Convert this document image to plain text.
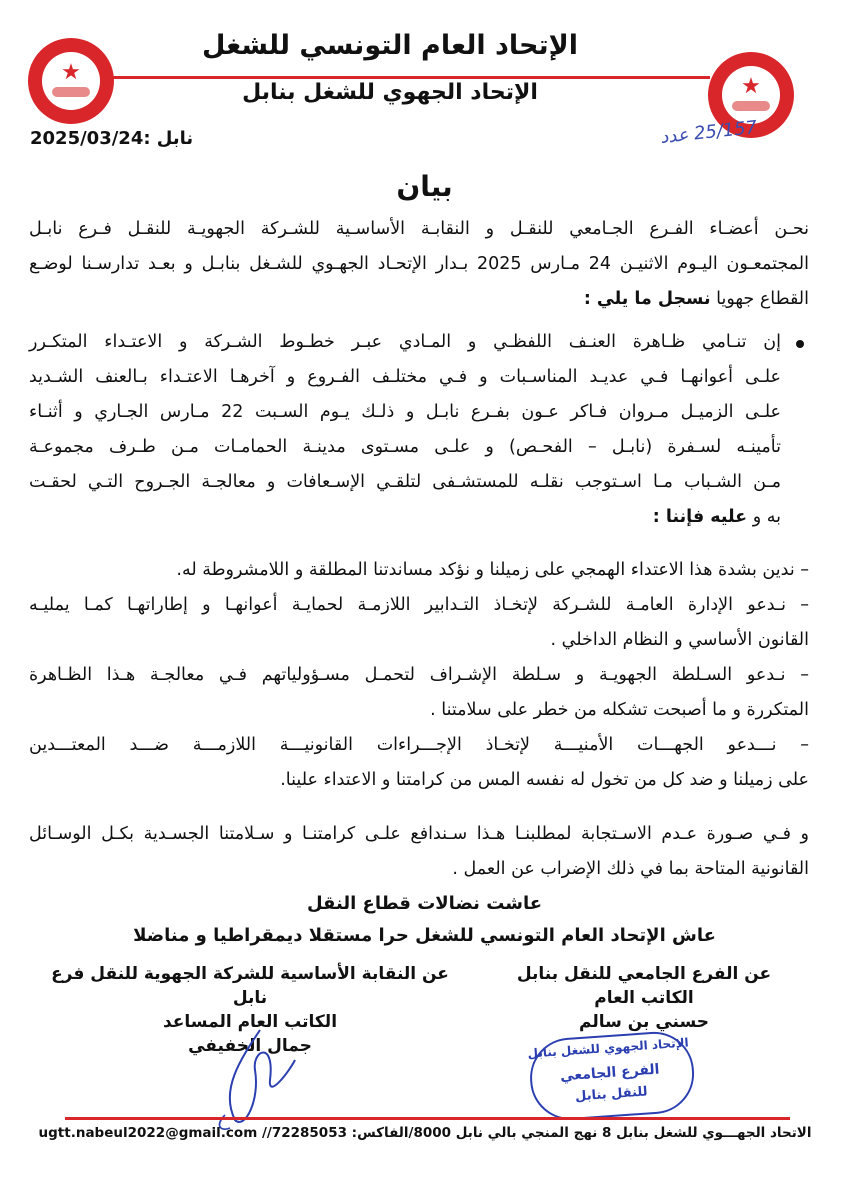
★
★
الإتحاد العام التونسي للشغل
الإتحاد الجهوي للشغل بنابل
نابل :2025/03/24	25/157 عدد
بيان
نحـن أعضـاء الفـرع الجـامعي للنقـل و النقابـة الأساسـية للشـركة الجهويـة للنقـل فـرع نابـل
المجتمعـون اليـوم الاثنيـن 24 مـارس 2025 بـدار الإتحـاد الجهـوي للشـغل بنابـل و بعـد تدارسـنا لوضـع
القطاع جهويا نسجل ما يلي :
إن تنـامي ظـاهرة العنـف اللفظـي و المـادي عبـر خطـوط الشـركة و الاعتـداء المتكـرر
علـى أعوانهـا فـي عديـد المناسـبات و فـي مختلـف الفـروع و آخرهـا الاعتـداء بـالعنف الشـديد
علـى الزميـل مـروان فـاكر عـون بفـرع نابـل و ذلـك يـوم السـبت 22 مـارس الجـاري و أثنـاء
تأمينـه لسـفرة (نابـل – الفحـص) و علـى مسـتوى مدينـة الحمامـات مـن طـرف مجموعـة
مـن الشـباب مـا اسـتوجب نقلـه للمستشـفى لتلقـي الإسـعافات و معالجـة الجـروح التـي لحقـت
به و عليه فإننا :
– ندين بشدة هذا الاعتداء الهمجي على زميلنا و نؤكد مساندتنا المطلقة و اللامشروطة له.
– نـدعو الإدارة العامـة للشـركة لإتخـاذ التـدابير اللازمـة لحمايـة أعوانهـا و إطاراتهـا كمـا يمليـه
القانون الأساسي و النظام الداخلي .
– نـدعو السـلطة الجهويـة و سـلطة الإشـراف لتحمـل مسـؤولياتهم فـي معالجـة هـذا الظـاهرة
المتكررة و ما أصبحت تشكله من خطر على سلامتنا .
– نـــدعو الجهـــات الأمنيـــة لإتخـاذ الإجـــراءات القانونيـــة اللازمـــة ضـــد المعتـــدين
على زميلنا و ضد كل من تخول له نفسه المس من كرامتنا و الاعتداء علينا.
و فـي صـورة عـدم الاسـتجابة لمطلبنـا هـذا سـندافع علـى كرامتنـا و سـلامتنا الجسـدية بكـل الوسـائل
القانونية المتاحة بما في ذلك الإضراب عن العمل .
عاشت نضالات قطاع النقل
عاش الإتحاد العام التونسي للشغل حرا مستقلا ديمقراطيا و مناضلا
عن الفرع الجامعي للنقل بنابل
الكاتب العام
حسني بن سالم
عن النقابة الأساسية للشركة الجهوية للنقل فرع نابل
الكاتب العام المساعد
جمال الخفيفي	الإتحاد الجهوي للشغل بنابل
الفرع الجامعي
للنقل بنابل
الاتحاد الجهـــوي للشغل بنابل 8 نهج المنجي بالي نابل 8000/الفاكس: 72285053// ugtt.nabeul2022@gmail.com
